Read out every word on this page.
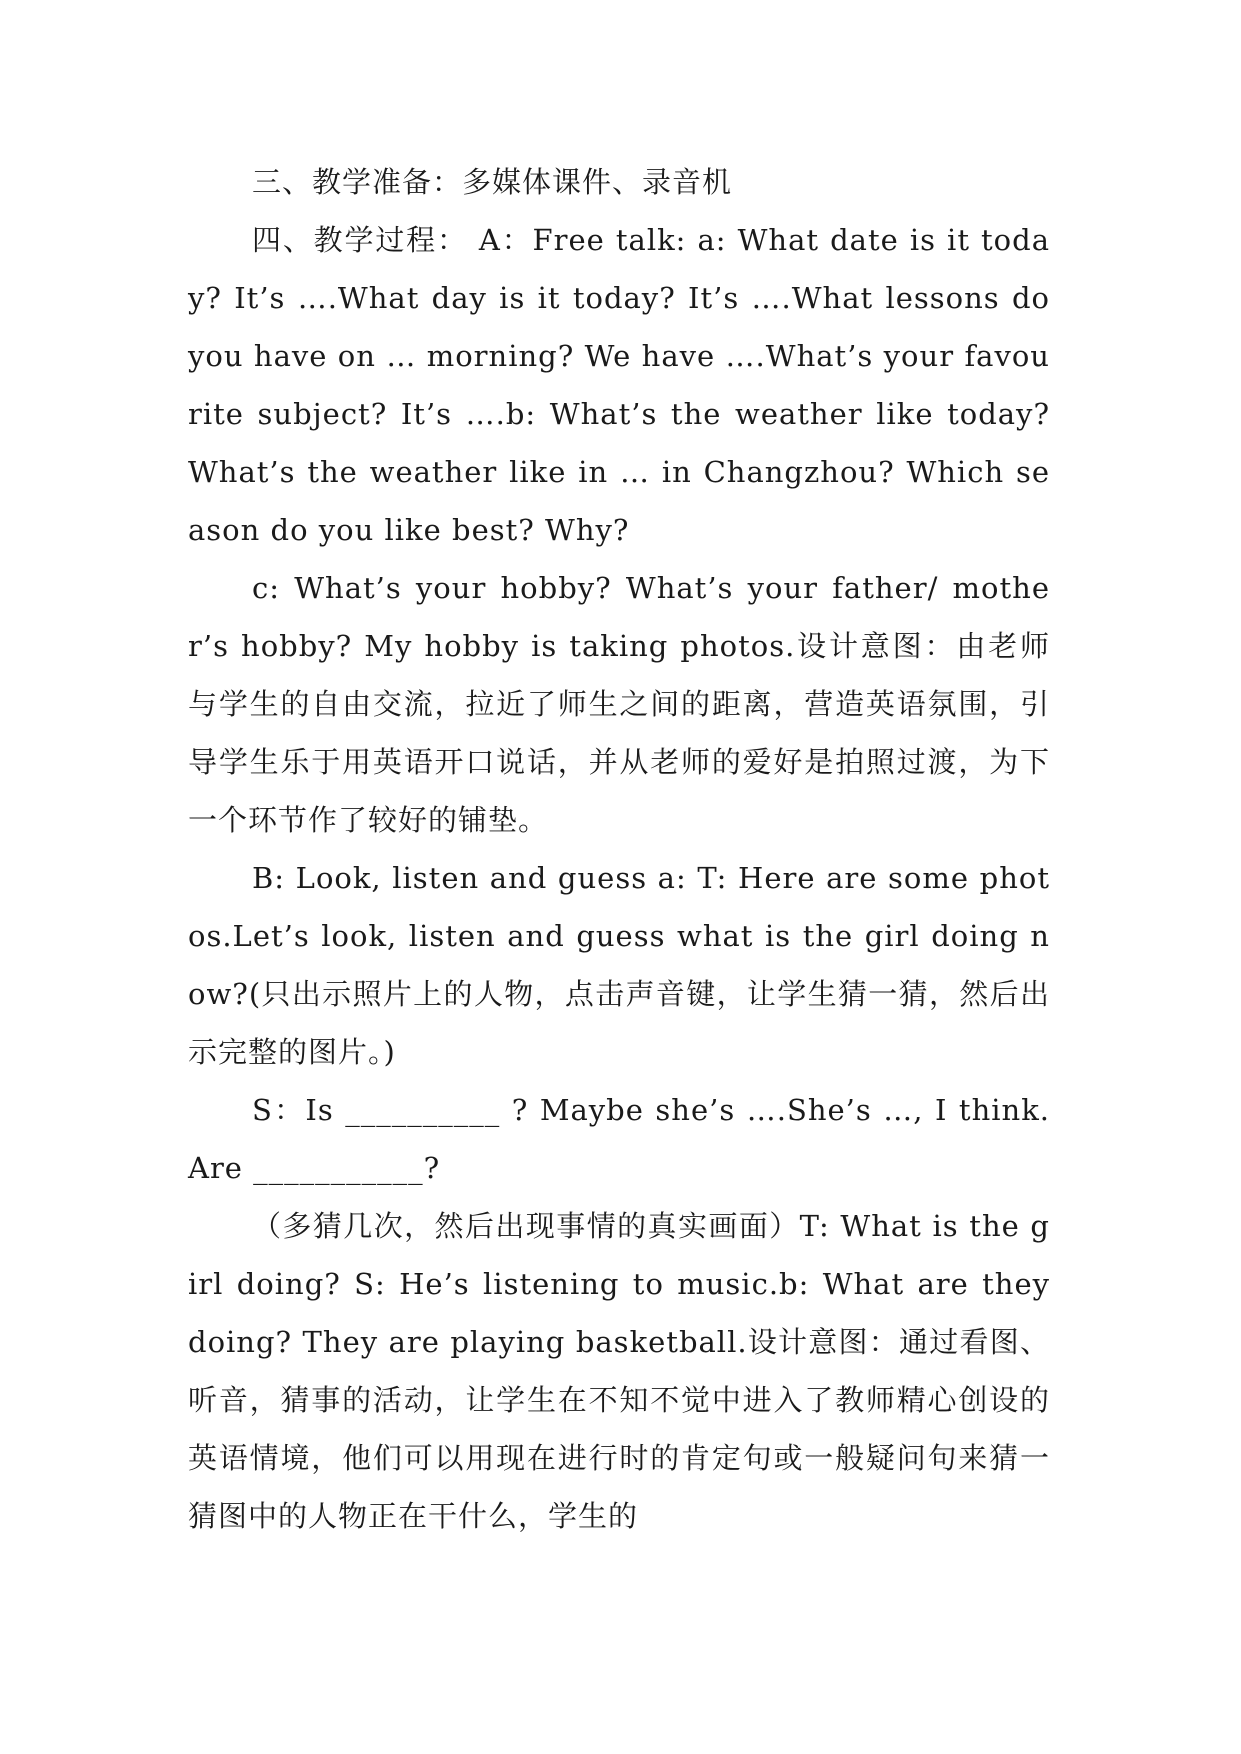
三、教学准备：多媒体课件、录音机

四、教学过程： A：Free talk: a: What date is it today? It’s ….What day is it today? It’s ….What lessons do you have on … morning? We have ….What’s your favourite subject? It’s ….b: What’s the weather like today? What’s the weather like in … in Changzhou? Which season do you like best? Why?

c: What’s your hobby? What’s your father/ mother’s hobby? My hobby is taking photos.设计意图：由老师与学生的自由交流，拉近了师生之间的距离，营造英语氛围，引导学生乐于用英语开口说话，并从老师的爱好是拍照过渡，为下一个环节作了较好的铺垫。

B: Look, listen and guess a: T: Here are some photos.Let’s look, listen and guess what is the girl doing now?(只出示照片上的人物，点击声音键，让学生猜一猜，然后出示完整的图片。)

S：Is __________ ? Maybe she’s ….She’s …, I think.Are ___________?

（多猜几次，然后出现事情的真实画面）T: What is the girl doing? S: He’s listening to music.b: What are they doing? They are playing basketball.设计意图：通过看图、听音，猜事的活动，让学生在不知不觉中进入了教师精心创设的英语情境，他们可以用现在进行时的肯定句或一般疑问句来猜一猜图中的人物正在干什么，学生的
